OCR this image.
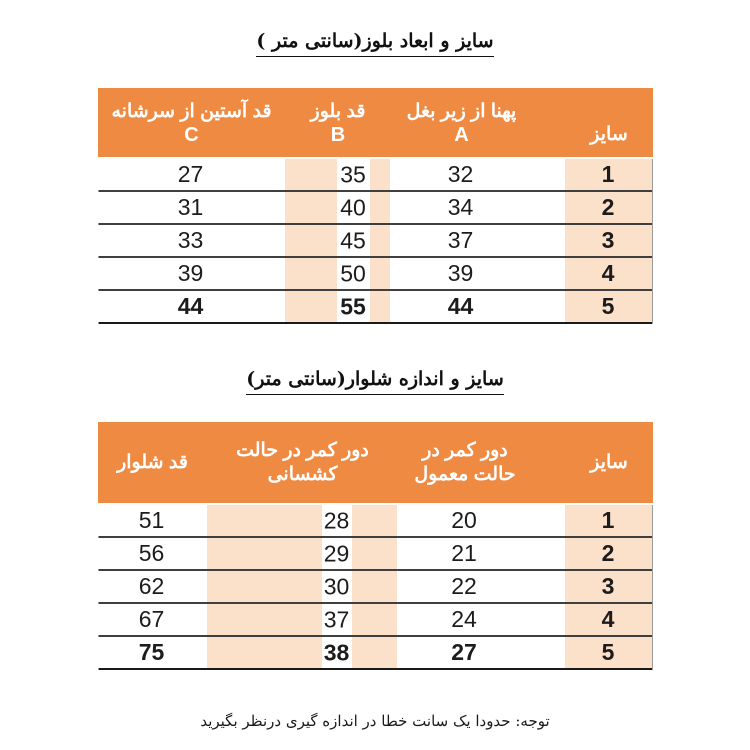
سایز و ابعاد بلوز(سانتی متر )
سایز
پهنا از زیر بغل
A
قد بلوز
B
قد آستین از سرشانه
C
1
32
35
27
2
34
40
31
3
37
45
33
4
39
50
39
5
44
55
44
سایز و اندازه شلوار(سانتی متر)
سایز
دور کمر در
حالت معمول
دور کمر در حالت
کشسانی
قد شلوار
1
20
28
51
2
21
29
56
3
22
30
62
4
24
37
67
5
27
38
75
توجه: حدودا یک سانت خطا در اندازه گیری درنظر بگیرید
